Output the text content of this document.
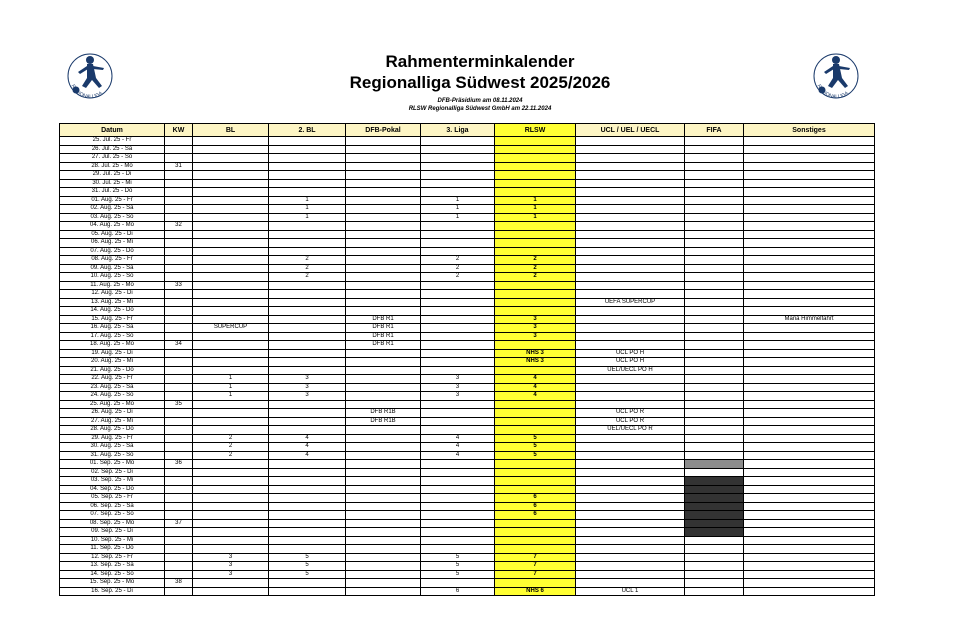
Rahmenterminkalender
Regionalliga Südwest 2025/2026
DFB-Präsidium am 08.11.2024
RLSW Regionalliga Südwest GmbH am 22.11.2024
REGIONALLIGA
REGIONALLIGA
Datum	KW	BL	2. BL	DFB-Pokal	3. Liga	RLSW	UCL / UEL / UECL	FIFA	Sonstiges
25. Jul. 25 - Fr									
26. Jul. 25 - Sa									
27. Jul. 25 - So									
28. Jul. 25 - Mo	31								
29. Jul. 25 - Di									
30. Jul. 25 - Mi									
31. Jul. 25 - Do									
01. Aug. 25 - Fr			1		1	1			
02. Aug. 25 - Sa			1		1	1			
03. Aug. 25 - So			1		1	1			
04. Aug. 25 - Mo	32								
05. Aug. 25 - Di									
06. Aug. 25 - Mi									
07. Aug. 25 - Do									
08. Aug. 25 - Fr			2		2	2			
09. Aug. 25 - Sa			2		2	2			
10. Aug. 25 - So			2		2	2			
11. Aug. 25 - Mo	33								
12. Aug. 25 - Di									
13. Aug. 25 - Mi							UEFA SUPERCUP		
14. Aug. 25 - Do									
15. Aug. 25 - Fr				DFB R1		3			Mariä Himmelfahrt
16. Aug. 25 - Sa		SUPERCUP		DFB R1		3			
17. Aug. 25 - So				DFB R1		3			
18. Aug. 25 - Mo	34			DFB R1					
19. Aug. 25 - Di						NHS 3	UCL PO H		
20. Aug. 25 - Mi						NHS 3	UCL PO H		
21. Aug. 25 - Do							UEL/UECL PO H		
22. Aug. 25 - Fr		1	3		3	4			
23. Aug. 25 - Sa		1	3		3	4			
24. Aug. 25 - So		1	3		3	4			
25. Aug. 25 - Mo	35								
26. Aug. 25 - Di				DFB R1B			UCL PO R		
27. Aug. 25 - Mi				DFB R1B			UCL PO R		
28. Aug. 25 - Do							UEL/UECL PO R		
29. Aug. 25 - Fr		2	4		4	5			
30. Aug. 25 - Sa		2	4		4	5			
31. Aug. 25 - So		2	4		4	5			
01. Sep. 25 - Mo	36								
02. Sep. 25 - Di									
03. Sep. 25 - Mi									
04. Sep. 25 - Do									
05. Sep. 25 - Fr						6			
06. Sep. 25 - Sa						6			
07. Sep. 25 - So						6			
08. Sep. 25 - Mo	37								
09. Sep. 25 - Di									
10. Sep. 25 - Mi									
11. Sep. 25 - Do									
12. Sep. 25 - Fr		3	5		5	7			
13. Sep. 25 - Sa		3	5		5	7			
14. Sep. 25 - So		3	5		5	7			
15. Sep. 25 - Mo	38								
16. Sep. 25 - Di					6	NHS 6	UCL 1		
